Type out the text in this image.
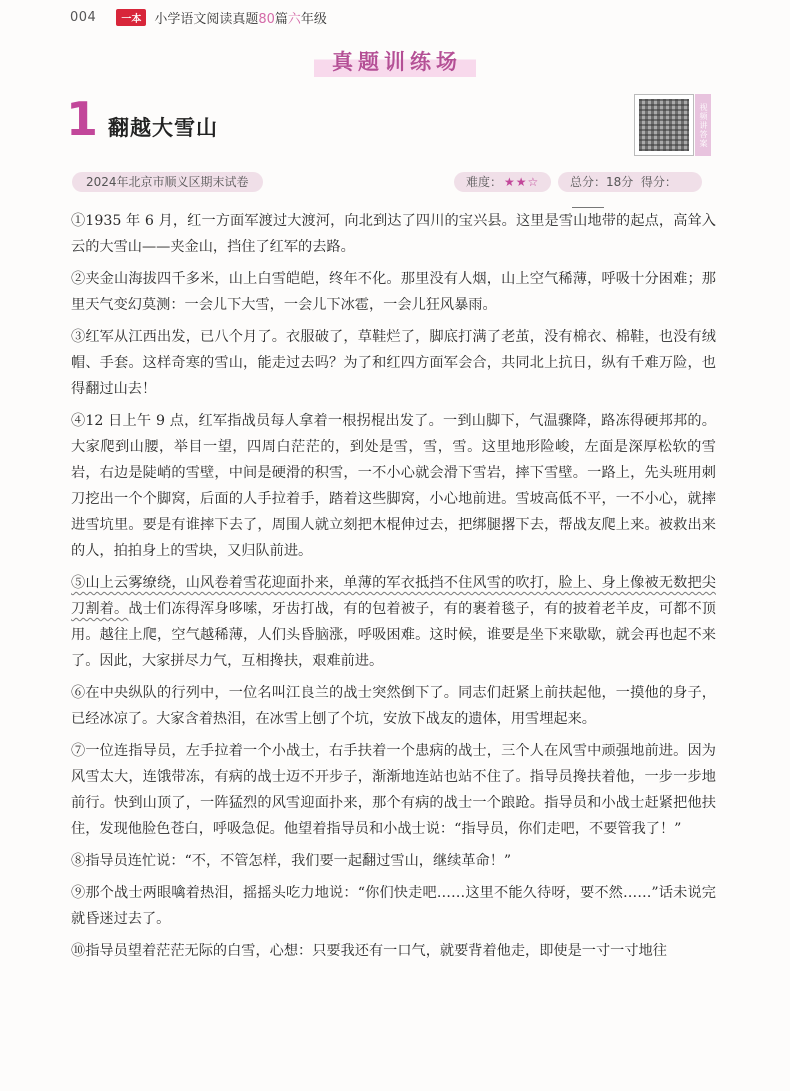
004	一本	小学语文阅读真题80篇六年级
真题训练场
1 翻越大雪山	视频讲答案
2024年北京市顺义区期末试卷	难度： ★★☆	总分：18分 得分：

①1935 年 6 月，红一方面军渡过大渡河，向北到达了四川的宝兴县。这里是雪山地带的起点，高耸入云的大雪山——夹金山，挡住了红军的去路。

②夹金山海拔四千多米，山上白雪皑皑，终年不化。那里没有人烟，山上空气稀薄，呼吸十分困难；那里天气变幻莫测：一会儿下大雪，一会儿下冰雹，一会儿狂风暴雨。

③红军从江西出发，已八个月了。衣服破了，草鞋烂了，脚底打满了老茧，没有棉衣、棉鞋，也没有绒帽、手套。这样奇寒的雪山，能走过去吗？为了和红四方面军会合，共同北上抗日，纵有千难万险，也得翻过山去！

④12 日上午 9 点，红军指战员每人拿着一根拐棍出发了。一到山脚下，气温骤降，路冻得硬邦邦的。大家爬到山腰，举目一望，四周白茫茫的，到处是雪，雪，雪。这里地形险峻，左面是深厚松软的雪岩，右边是陡峭的雪壁，中间是硬滑的积雪，一不小心就会滑下雪岩，摔下雪壁。一路上，先头班用刺刀挖出一个个脚窝，后面的人手拉着手，踏着这些脚窝，小心地前进。雪坡高低不平，一不小心，就摔进雪坑里。要是有谁摔下去了，周围人就立刻把木棍伸过去，把绑腿撂下去，帮战友爬上来。被救出来的人，拍拍身上的雪块，又归队前进。

⑤山上云雾缭绕，山风卷着雪花迎面扑来，单薄的军衣抵挡不住风雪的吹打，脸上、身上像被无数把尖刀割着。战士们冻得浑身哆嗦，牙齿打战，有的包着被子，有的裹着毯子，有的披着老羊皮，可都不顶用。越往上爬，空气越稀薄，人们头昏脑涨，呼吸困难。这时候，谁要是坐下来歇歇，就会再也起不来了。因此，大家拼尽力气，互相搀扶，艰难前进。

⑥在中央纵队的行列中，一位名叫江良兰的战士突然倒下了。同志们赶紧上前扶起他，一摸他的身子，已经冰凉了。大家含着热泪，在冰雪上刨了个坑，安放下战友的遗体，用雪埋起来。

⑦一位连指导员，左手拉着一个小战士，右手扶着一个患病的战士，三个人在风雪中顽强地前进。因为风雪太大，连饿带冻，有病的战士迈不开步子，渐渐地连站也站不住了。指导员搀扶着他，一步一步地前行。快到山顶了，一阵猛烈的风雪迎面扑来，那个有病的战士一个踉跄。指导员和小战士赶紧把他扶住，发现他脸色苍白，呼吸急促。他望着指导员和小战士说：“指导员，你们走吧，不要管我了！”

⑧指导员连忙说：“不，不管怎样，我们要一起翻过雪山，继续革命！”

⑨那个战士两眼噙着热泪，摇摇头吃力地说：“你们快走吧……这里不能久待呀，要不然……”话未说完就昏迷过去了。

⑩指导员望着茫茫无际的白雪，心想：只要我还有一口气，就要背着他走，即使是一寸一寸地往
